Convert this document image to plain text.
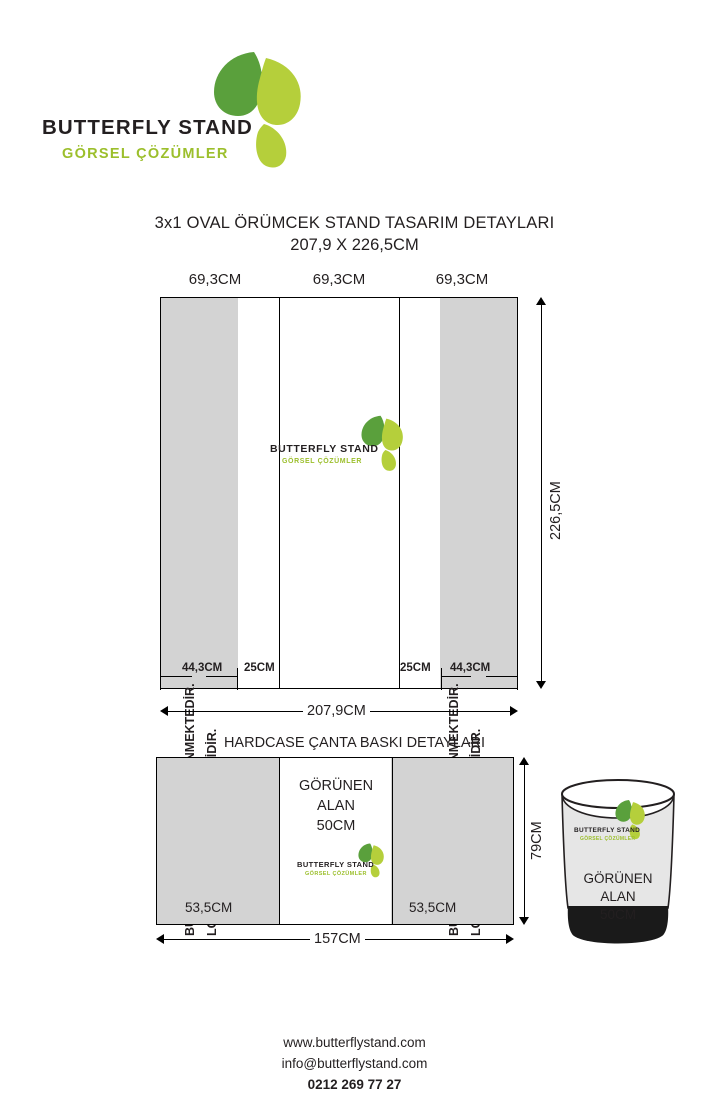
BUTTERFLY STAND
GÖRSEL ÇÖZÜMLER
3x1 OVAL ÖRÜMCEK STAND TASARIM DETAYLARI
207,9 X 226,5CM
69,3CM	69,3CM	69,3CM
BUTTERFLY STAND
GÖRSEL ÇÖZÜMLER
44,3CM 25CM	25CM 44,3CM
207,9CM
226,5CM
HARDCASE ÇANTA BASKI DETAYLARI
GÖRÜNEN
ALAN
50CM
BUTTERFLY STAND
GÖRSEL ÇÖZÜMLER
53,5CM	53,5CM
157CM
79CM	BUTTERFLY STAND
GÖRSEL ÇÖZÜMLER
GÖRÜNEN
ALAN
50CM
www.butterflystand.com
info@butterflystand.com
0212 269 77 27
